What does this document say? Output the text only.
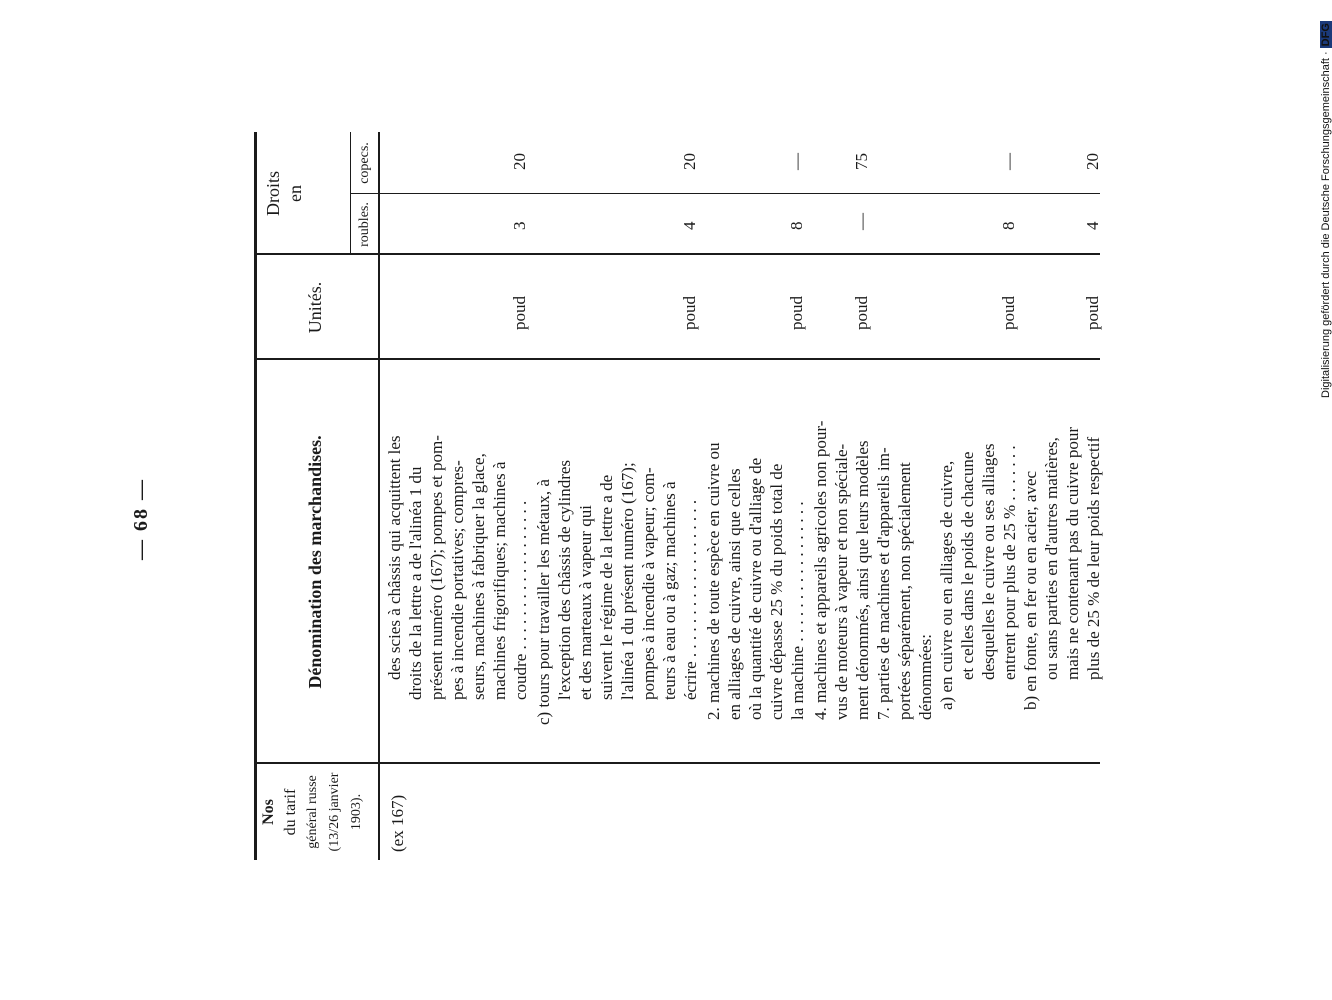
— 68 —
Nos du tarif général russe (13/26 janvier 1903).
Dénomination des marchandises.
Unités.
Droits en
roubles.
copecs.
(ex 167)
des scies à châssis qui acquittent les droits de la lettre a de l'alinéa 1 du présent numéro (167); pompes et pom- pes à incendie portatives; compres- seurs, machines à fabriquer la glace, machines frigorifiques; machines à coudre . . . . . . . . . . . . . . . . . . c) tours pour travailler les métaux, à l'exception des châssis de cylindres et des marteaux à vapeur qui suivent le régime de la lettre a de l'alinéa 1 du présent numéro (167); pompes à incendie à vapeur; com- teurs à eau ou à gaz; machines à écrire . . . . . . . . . . . . . . . . . . . 2. machines de toute espèce en cuivre ou en alliages de cuivre, ainsi que celles où la quantité de cuivre ou d'alliage de cuivre dépasse 25 % du poids total de la machine . . . . . . . . . . . . . . . . . 4. machines et appareils agricoles non pour- vus de moteurs à vapeur et non spéciale- ment dénommés, ainsi que leurs modèles 7. parties de machines et d'appareils im- portées séparément, non spécialement dénommées: a) en cuivre ou en alliages de cuivre, et celles dans le poids de chacune desquelles le cuivre ou ses alliages entrent pour plus de 25 % . . . . . . . b) en fonte, en fer ou en acier, avec ou sans parties en d'autres matières, mais ne contenant pas du cuivre pour plus de 25 % de leur poids respectif
poud
3
20
poud
4
20
poud
8
—
poud
—
75
poud
8
—
poud
4
20	Digitalisierung gefördert durch die Deutsche Forschungsgemeinschaft ·DFG
